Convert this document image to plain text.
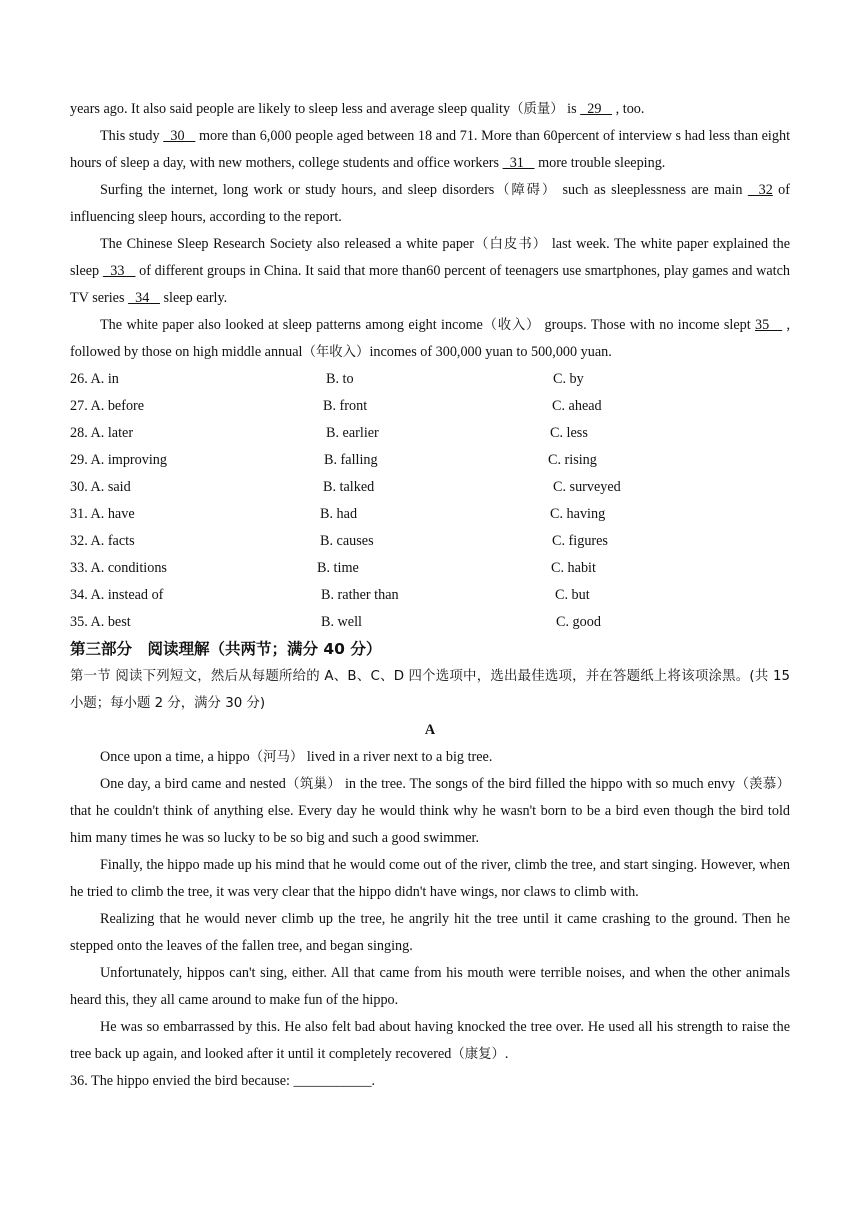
years ago. It also said people are likely to sleep less and average sleep quality（质量） is   29    , too.

This study   30    more than 6,000 people aged between 18 and 71. More than 60percent of interview s had less than eight hours of sleep a day, with new mothers, college students and office workers   31    more trouble sleeping.

Surfing the internet, long work or study hours, and sleep disorders（障碍） such as sleeplessness are main   32 of influencing sleep hours, according to the report.

The Chinese Sleep Research Society also released a white paper（白皮书） last week. The white paper explained the sleep   33    of different groups in China. It said that more than60 percent of teenagers use smartphones, play games and watch TV series   34    sleep early.

The white paper also looked at sleep patterns among eight income（收入） groups. Those with no income slept 35    , followed by those on high middle annual（年收入）incomes of 300,000 yuan to 500,000 yuan.

26. A. in	B. to	C. by
27. A. before	B. front	C. ahead
28. A. later	B. earlier	C. less
29. A. improving	B. falling	C. rising
30. A. said	B. talked	C. surveyed
31. A. have	B. had	C. having
32. A. facts	B. causes	C. figures
33. A. conditions	B. time	C. habit
34. A. instead of	B. rather than	C. but
35. A. best	B. well	C. good

第三部分　阅读理解（共两节；满分 40 分）

第一节 阅读下列短文，然后从每题所给的 A、B、C、D 四个选项中，选出最佳选项，并在答题纸上将该项涂黑。(共 15 小题；每小题 2 分，满分 30 分)

A

Once upon a time, a hippo（河马） lived in a river next to a big tree.

One day, a bird came and nested（筑巢） in the tree. The songs of the bird filled the hippo with so much envy（羡慕） that he couldn't think of anything else. Every day he would think why he wasn't born to be a bird even though the bird told him many times he was so lucky to be so big and such a good swimmer.

Finally, the hippo made up his mind that he would come out of the river, climb the tree, and start singing. However, when he tried to climb the tree, it was very clear that the hippo didn't have wings, nor claws to climb with.

Realizing that he would never climb up the tree, he angrily hit the tree until it came crashing to the ground. Then he stepped onto the leaves of the fallen tree, and began singing.

Unfortunately, hippos can't sing, either. All that came from his mouth were terrible noises, and when the other animals heard this, they all came around to make fun of the hippo.

He was so embarrassed by this. He also felt bad about having knocked the tree over. He used all his strength to raise the tree back up again, and looked after it until it completely recovered（康复）.

36. The hippo envied the bird because: ___________.
